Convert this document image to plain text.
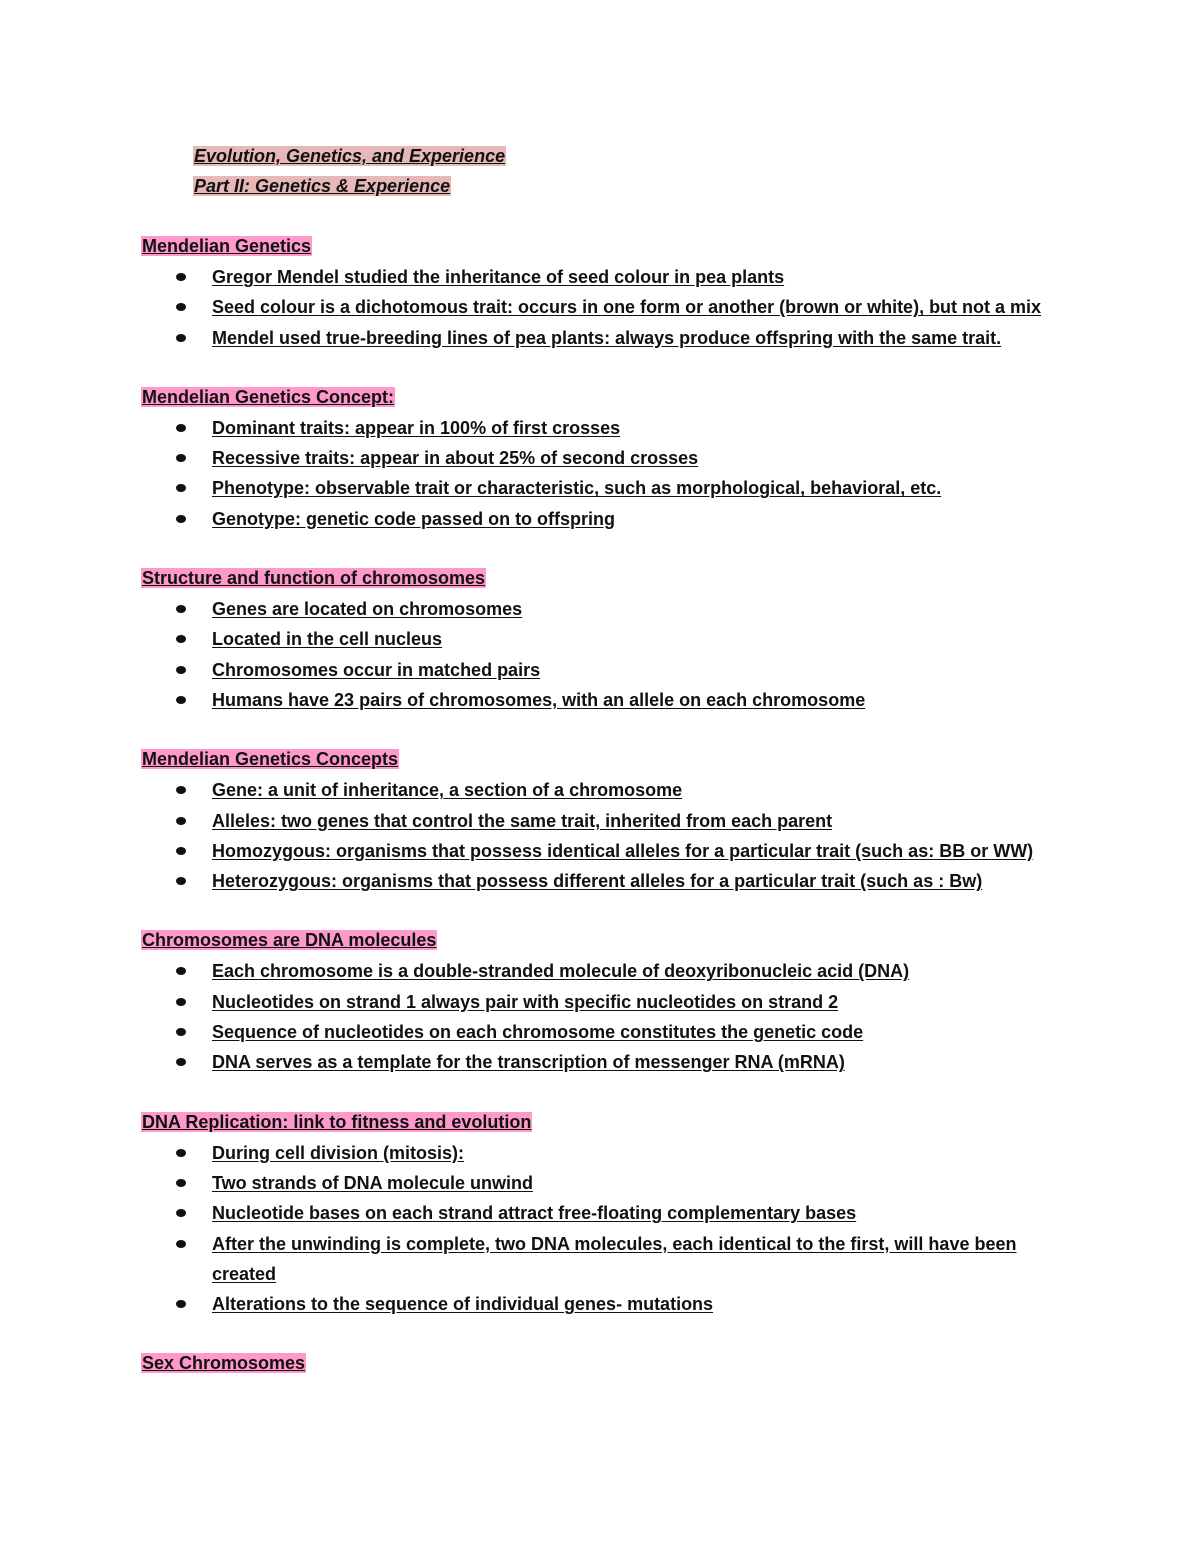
Evolution, Genetics, and Experience
Part II: Genetics & Experience
Mendelian Genetics
Gregor Mendel studied the inheritance of seed colour in pea plants
Seed colour is a dichotomous trait: occurs in one form or another (brown or white), but not a mix
Mendel used true-breeding lines of pea plants: always produce offspring with the same trait.
Mendelian Genetics Concept:
Dominant traits: appear in 100% of first crosses
Recessive traits: appear in about 25% of second crosses
Phenotype: observable trait or characteristic, such as morphological, behavioral, etc.
Genotype: genetic code passed on to offspring
Structure and function of chromosomes
Genes are located on chromosomes
Located in the cell nucleus
Chromosomes occur in matched pairs
Humans have 23 pairs of chromosomes, with an allele on each chromosome
Mendelian Genetics Concepts
Gene: a unit of inheritance, a section of a chromosome
Alleles: two genes that control the same trait, inherited from each parent
Homozygous: organisms that possess identical alleles for a particular trait (such as: BB or WW)
Heterozygous: organisms that possess different alleles for a particular trait (such as : Bw)
Chromosomes are DNA molecules
Each chromosome is a double-stranded molecule of deoxyribonucleic acid (DNA)
Nucleotides on strand 1 always pair with specific nucleotides on strand 2
Sequence of nucleotides on each chromosome constitutes the genetic code
DNA serves as a template for the transcription of messenger RNA (mRNA)
DNA Replication: link to fitness and evolution
During cell division (mitosis):
Two strands of DNA molecule unwind
Nucleotide bases on each strand attract free-floating complementary bases
After the unwinding is complete, two DNA molecules, each identical to the first, will have been created
Alterations to the sequence of individual genes- mutations
Sex Chromosomes
